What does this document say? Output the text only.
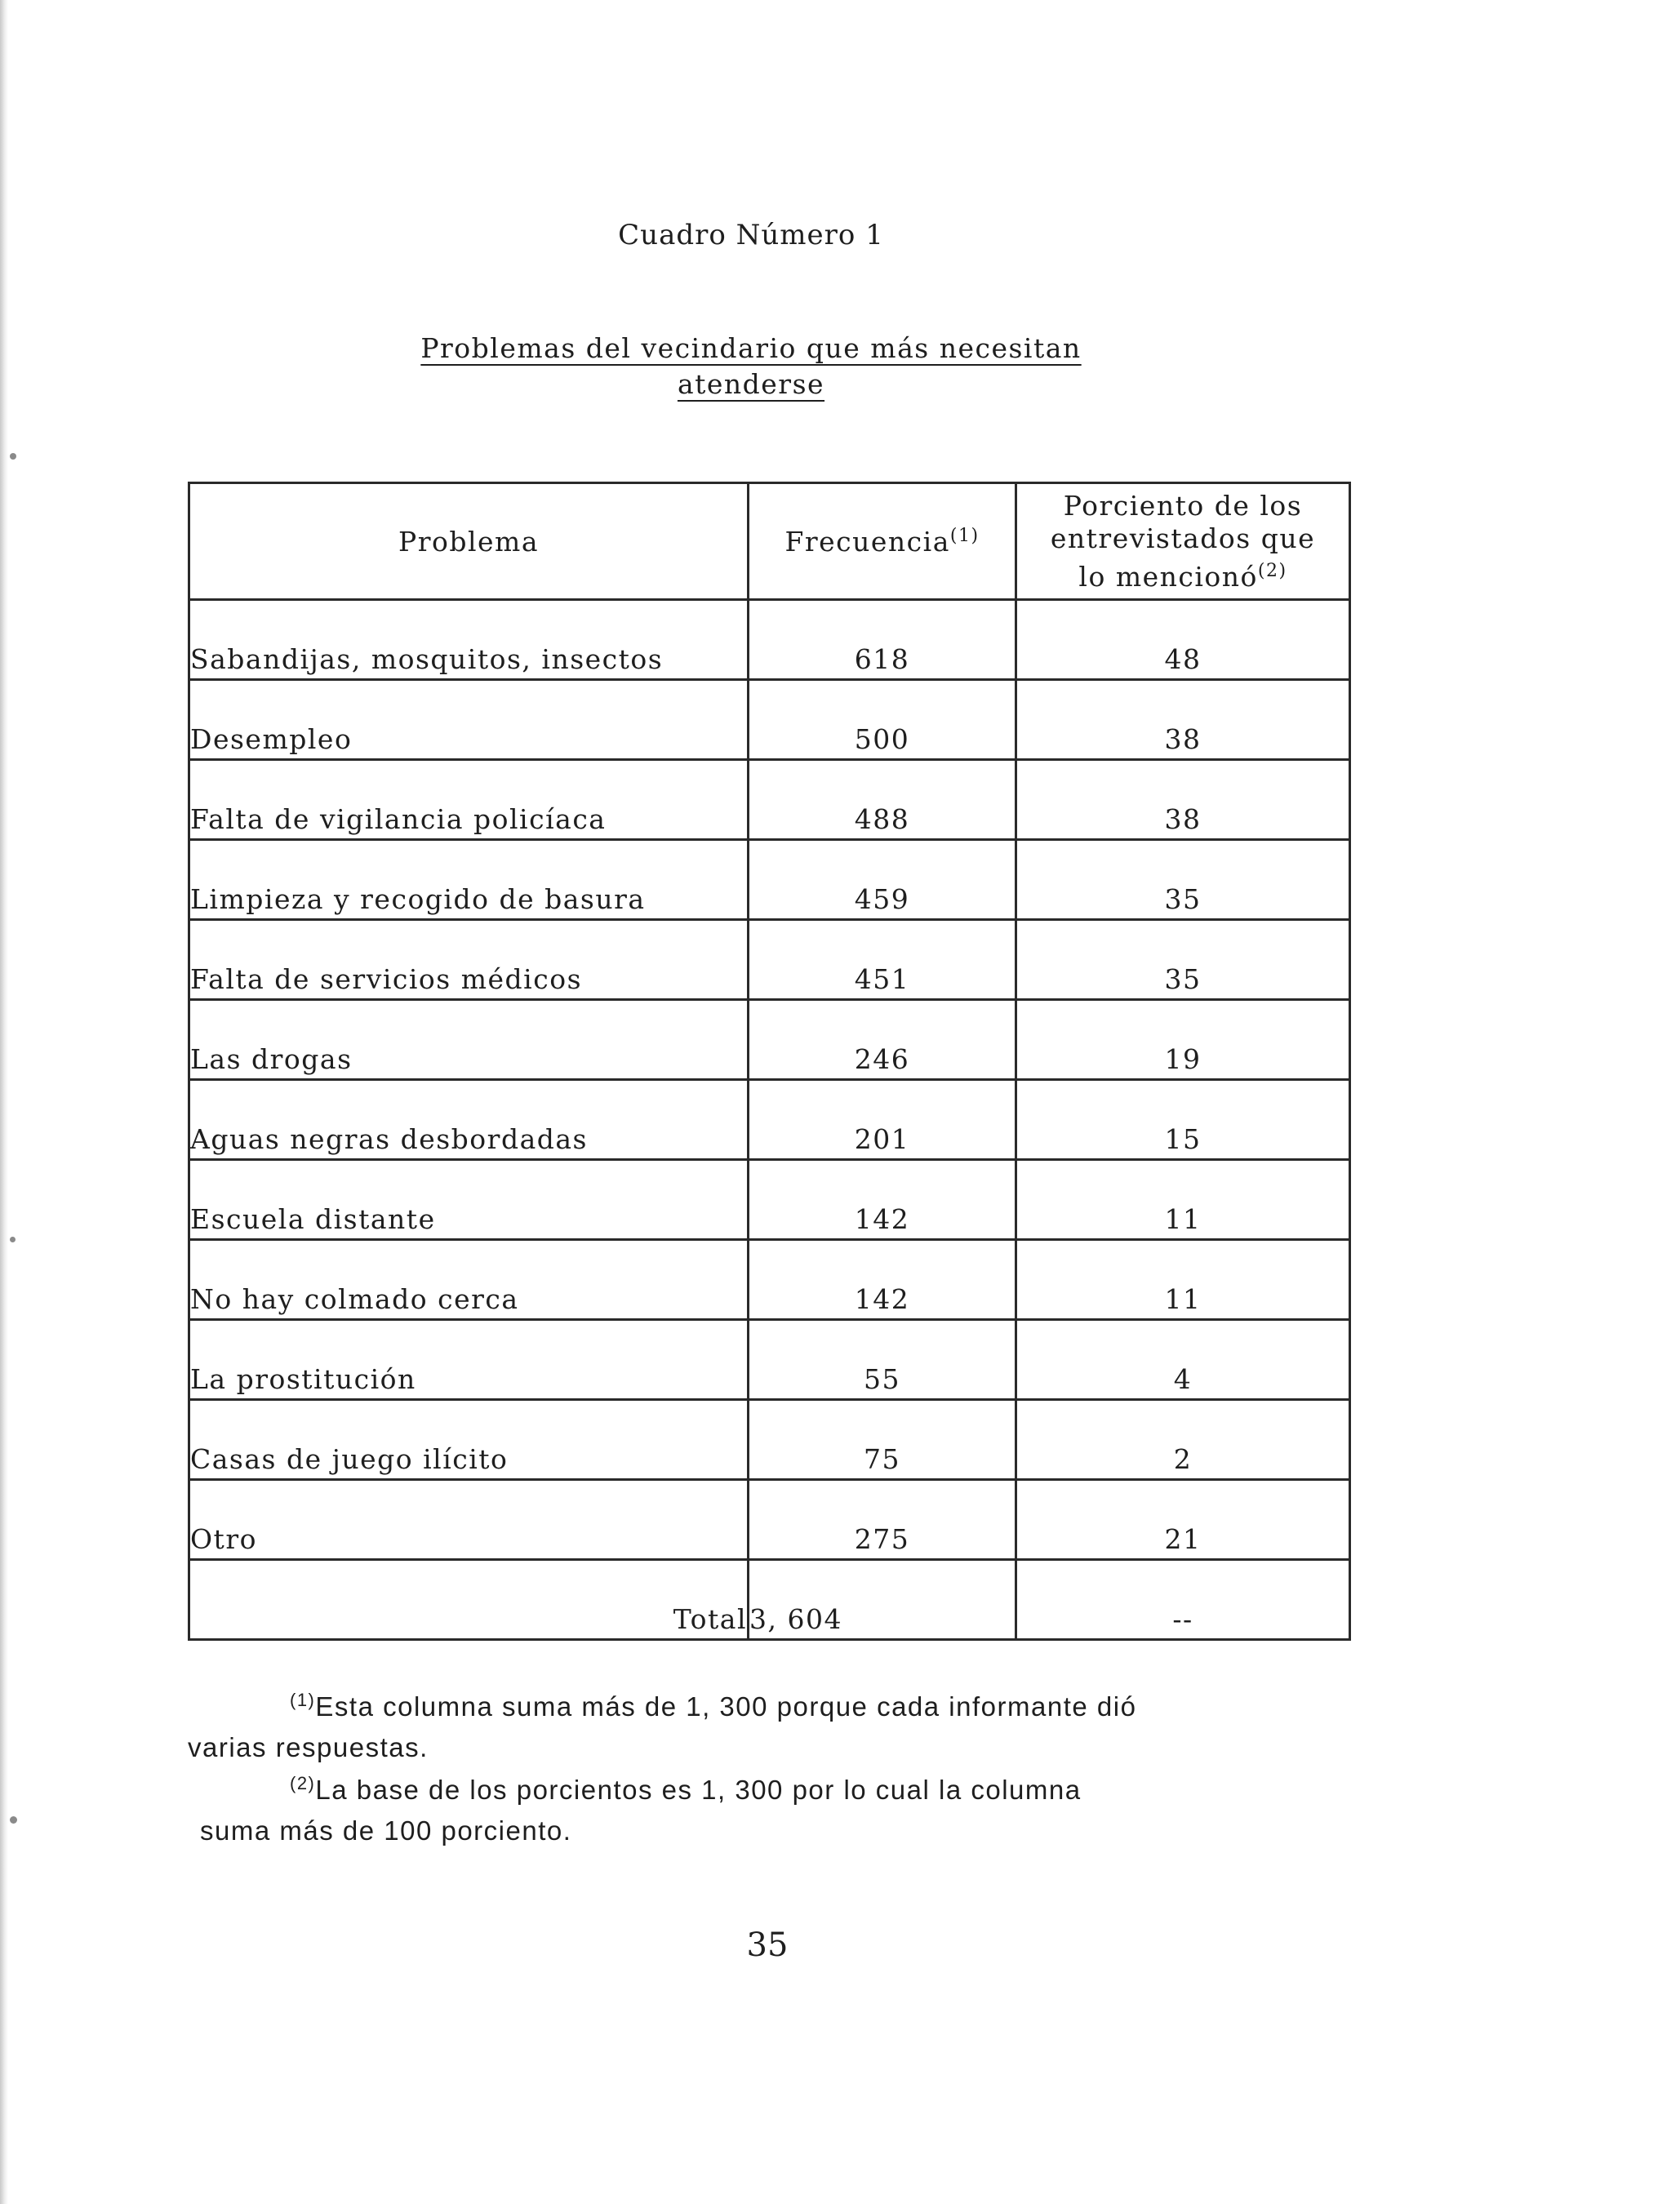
Cuadro Número 1
Problemas del vecindario que más necesitan
atenderse
Problema	Frecuencia$^{(1)}$	Porciento de los
entrevistados que
lo mencionó$^{(2)}$

Sabandijas, mosquitos, insectos	618	48
Desempleo	500	38
Falta de vigilancia policíaca	488	38
Limpieza y recogido de basura	459	35
Falta de servicios médicos	451	35
Las drogas	246	19
Aguas negras desbordadas	201	15
Escuela distante	142	11
No hay colmado cerca	142	11
La prostitución	55	4
Casas de juego ilícito	75	2
Otro	275	21
Total	3, 604	--
$^{(1)}$Esta columna suma más de 1, 300 porque cada informante dió
varias respuestas.
$^{(2)}$La base de los porcientos es 1, 300 por lo cual la columna
suma más de 100 porciento.
35
